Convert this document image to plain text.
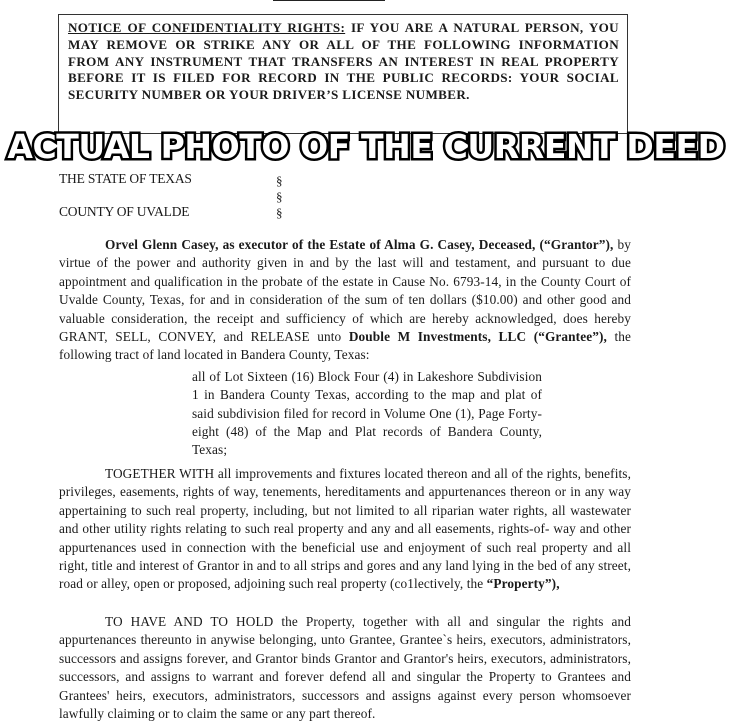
NOTICE OF CONFIDENTIALITY RIGHTS: IF YOU ARE A NATURAL PERSON, YOU MAY REMOVE OR STRIKE ANY OR ALL OF THE FOLLOWING INFORMATION FROM ANY INSTRUMENT THAT TRANSFERS AN INTEREST IN REAL PROPERTY BEFORE IT IS FILED FOR RECORD IN THE PUBLIC RECORDS: YOUR SOCIAL SECURITY NUMBER OR YOUR DRIVER’S LICENSE NUMBER.

ACTUAL PHOTO OF THE CURRENT DEED
THE STATE OF TEXAS
COUNTY OF UVALDE
§
§
§

Orvel Glenn Casey, as executor of the Estate of Alma G. Casey, Deceased, (“Grantor”), by virtue of the power and authority given in and by the last will and testament, and pursuant to due appointment and qualification in the probate of the estate in Cause No. 6793-14, in the County Court of Uvalde County, Texas, for and in consideration of the sum of ten dollars ($10.00) and other good and valuable consideration, the receipt and sufficiency of which are hereby acknowledged, does hereby GRANT, SELL, CONVEY, and RELEASE unto Double M Investments, LLC (“Grantee”), the following tract of land located in Bandera County, Texas:

all of Lot Sixteen (16) Block Four (4) in Lakeshore Subdivision 1 in Bandera County Texas, according to the map and plat of said subdivision filed for record in Volume One (1), Page Forty-eight (48) of the Map and Plat records of Bandera County, Texas;

TOGETHER WITH all improvements and fixtures located thereon and all of the rights, benefits, privileges, easements, rights of way, tenements, hereditaments and appurtenances thereon or in any way appertaining to such real property, including, but not limited to all riparian water rights, all wastewater and other utility rights relating to such real property and any and all easements, rights-of- way and other appurtenances used in connection with the beneficial use and enjoyment of such real property and all right, title and interest of Grantor in and to all strips and gores and any land lying in the bed of any street, road or alley, open or proposed, adjoining such real property (co1lectively, the “Property”),

TO HAVE AND TO HOLD the Property, together with all and singular the rights and appurtenances thereunto in anywise belonging, unto Grantee, Grantee`s heirs, executors, administrators, successors and assigns forever, and Grantor binds Grantor and Grantor's heirs, executors, administrators, successors, and assigns to warrant and forever defend all and singular the Property to Grantees and Grantees' heirs, executors, administrators, successors and assigns against every person whomsoever lawfully claiming or to claim the same or any part thereof.
